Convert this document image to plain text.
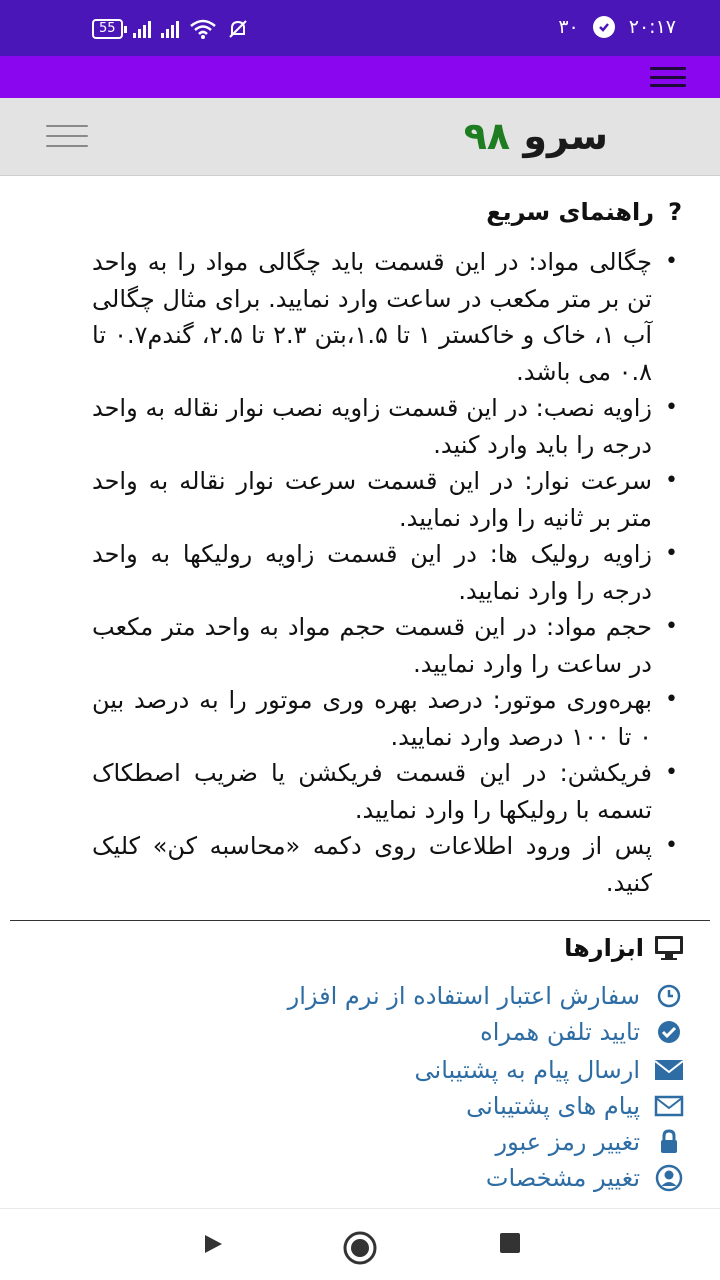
55	۳۰	۲۰:۱۷
سرو ۹۸
?
راهنمای سریع
• چگالی مواد: در این قسمت باید چگالی مواد را به واحد تن بر متر مکعب در ساعت وارد نمایید. برای مثال چگالی آب ۱، خاک و خاکستر ۱ تا ۱.۵،بتن ۲.۳ تا ۲.۵، گندم۰.۷ تا ۰.۸ می باشد.
• زاویه نصب: در این قسمت زاویه نصب نوار نقاله به واحد درجه را باید وارد کنید.
• سرعت نوار: در این قسمت سرعت نوار نقاله به واحد متر بر ثانیه را وارد نمایید.
• زاویه رولیک ها: در این قسمت زاویه رولیکها به واحد درجه را وارد نمایید.
• حجم مواد: در این قسمت حجم مواد به واحد متر مکعب در ساعت را وارد نمایید.
• بهره‌وری موتور: درصد بهره وری موتور را به درصد بین ۰ تا ۱۰۰ درصد وارد نمایید.
• فریکشن: در این قسمت فریکشن یا ضریب اصطکاک تسمه با رولیکها را وارد نمایید.
• پس از ورود اطلاعات روی دکمه «محاسبه کن» کلیک کنید.
ابزارها
سفارش اعتبار استفاده از نرم افزار
تایید تلفن همراه
ارسال پیام به پشتیبانی
پیام های پشتیبانی
تغییر رمز عبور
تغییر مشخصات
